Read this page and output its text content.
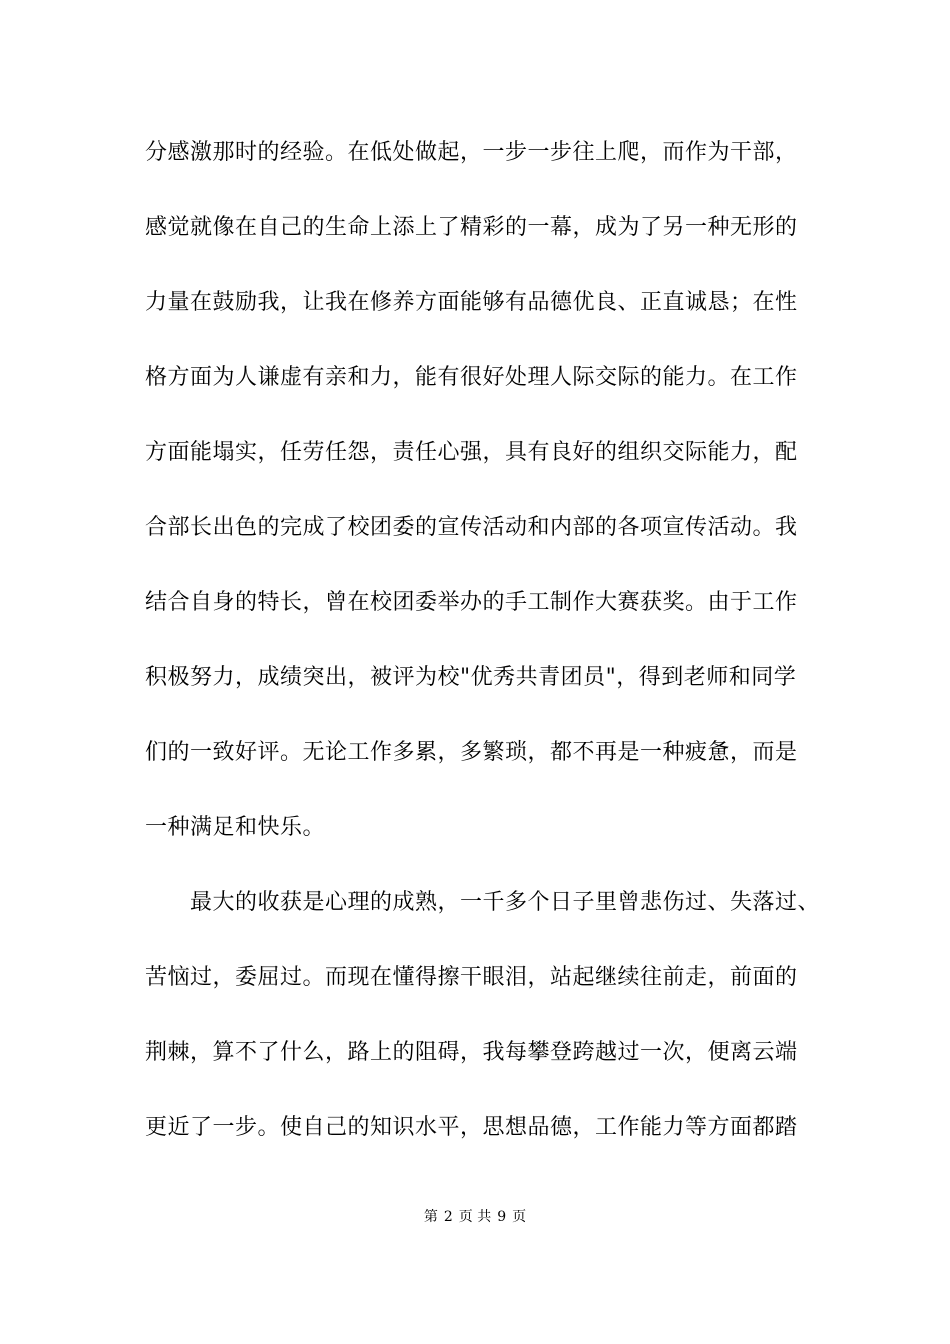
分感激那时的经验。在低处做起，一步一步往上爬，而作为干部，
感觉就像在自己的生命上添上了精彩的一幕，成为了另一种无形的
力量在鼓励我，让我在修养方面能够有品德优良、正直诚恳；在性
格方面为人谦虚有亲和力，能有很好处理人际交际的能力。在工作
方面能塌实，任劳任怨，责任心强，具有良好的组织交际能力，配
合部长出色的完成了校团委的宣传活动和内部的各项宣传活动。我
结合自身的特长，曾在校团委举办的手工制作大赛获奖。由于工作
积极努力，成绩突出，被评为校"优秀共青团员"，得到老师和同学
们的一致好评。无论工作多累，多繁琐，都不再是一种疲惫，而是
一种满足和快乐。
　　最大的收获是心理的成熟，一千多个日子里曾悲伤过、失落过、
苦恼过，委屈过。而现在懂得擦干眼泪，站起继续往前走，前面的
荆棘，算不了什么，路上的阻碍，我每攀登跨越过一次，便离云端
更近了一步。使自己的知识水平，思想品德，工作能力等方面都踏
第 2 页 共 9 页
